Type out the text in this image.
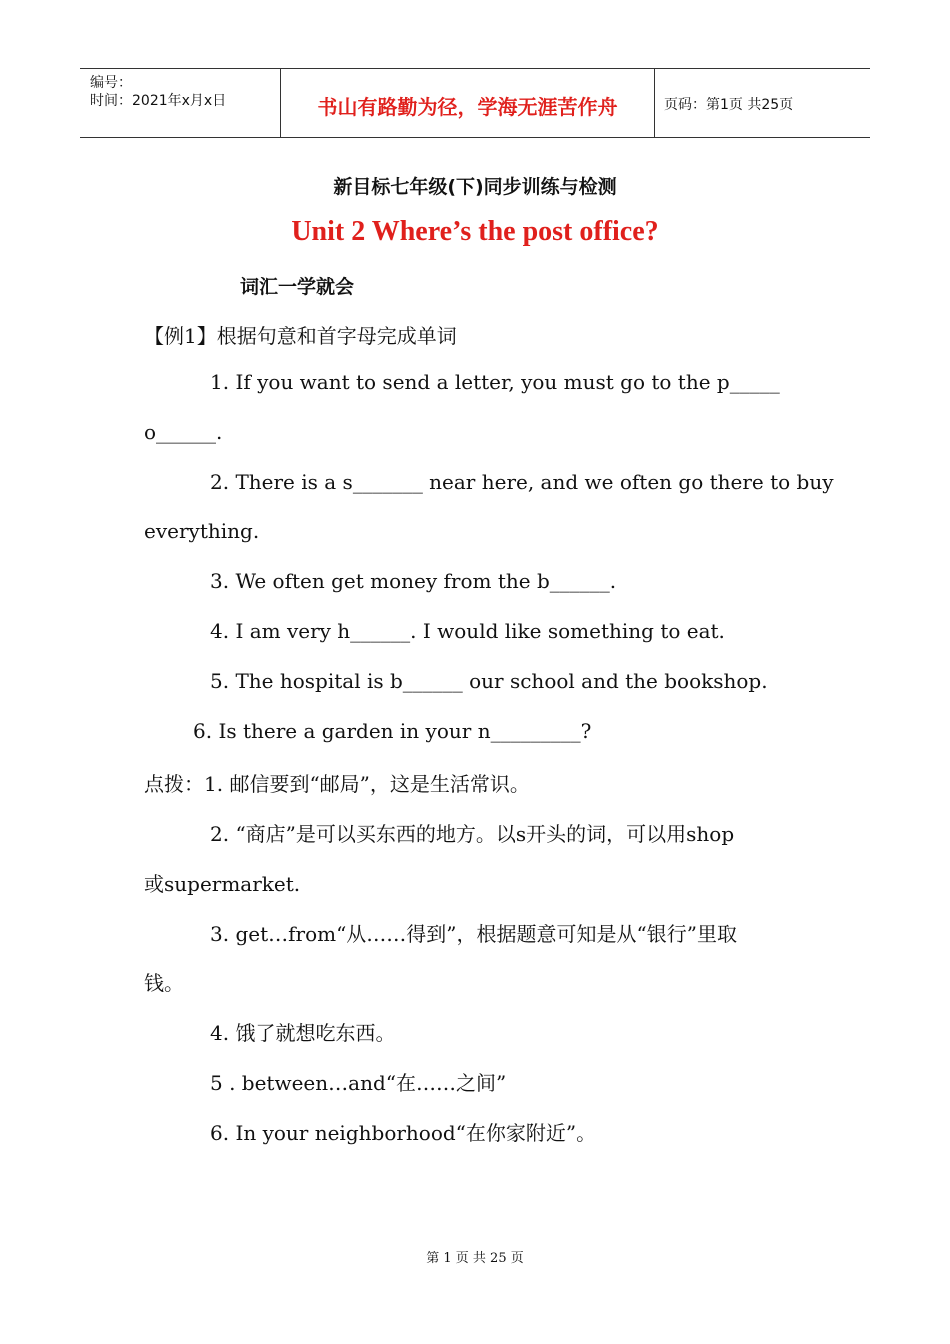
编号：
时间：2021年x月x日	书山有路勤为径，学海无涯苦作舟	页码：第1页 共25页
新目标七年级(下)同步训练与检测
Unit 2 Where’s the post office?
词汇一学就会
【例1】根据句意和首字母完成单词
1. If you want to send a letter, you must go to the p_____
o______.
2. There is a s_______ near here, and we often go there to buy
everything.
3. We often get money from the b______.
4. I am very h______. I would like something to eat.
5. The hospital is b______ our school and the bookshop.
6. Is there a garden in your n_________?
点拨：1. 邮信要到“邮局”，这是生活常识。
2. “商店”是可以买东西的地方。以s开头的词，可以用shop
或supermarket.
3. get…from“从……得到”，根据题意可知是从“银行”里取
钱。
4. 饿了就想吃东西。
5 . between…and“在……之间”
6. In your neighborhood“在你家附近”。
第 1 页 共 25 页
